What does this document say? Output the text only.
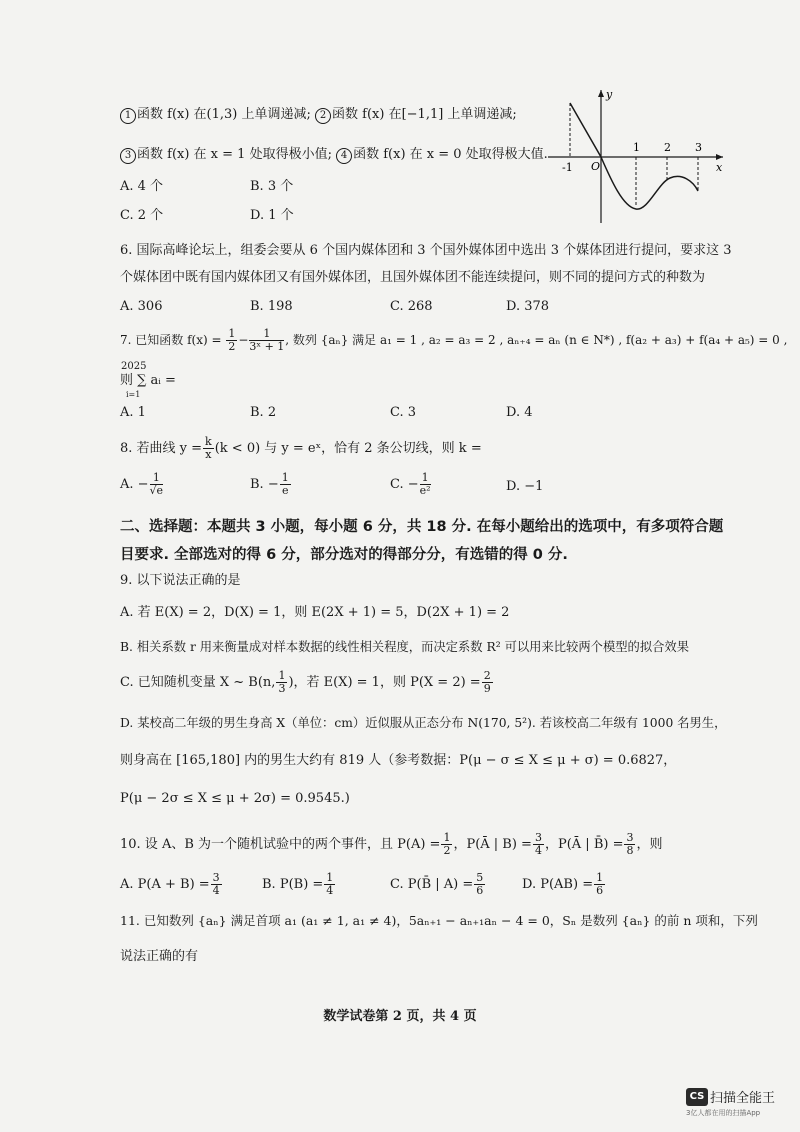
1 函数 f(x) 在(1,3) 上单调递减; 2 函数 f(x) 在[−1,1] 上单调递减;
3 函数 f(x) 在 x = 1 处取得极小值; 4 函数 f(x) 在 x = 0 处取得极大值.
A. 4 个	B. 3 个
C. 2 个	D. 1 个
y
x
-1 O
1 2 3
6. 国际高峰论坛上，组委会要从 6 个国内媒体团和 3 个国外媒体团中选出 3 个媒体团进行提问，要求这 3
个媒体团中既有国内媒体团又有国外媒体团，且国外媒体团不能连续提问，则不同的提问方式的种数为
A. 306	B. 198	C. 268	D. 378
7. 已知函数 $f(x) = \frac{1}{2} - \frac{1}{\text{3ˣ + 1}}$ , 数列 {aₙ} 满足 a₁ = 1 , a₂ = a₃ = 2 , aₙ₊₄ = aₙ (n ∈ N*) , f(a₂ + a₃) + f(a₄ + a₅) = 0 ,
2025
则 ∑ aᵢ =
i=1
A. 1	B. 2	C. 3	D. 4
8. 若曲线 $y = \frac{k}{x} (k < 0)$ 与 y = eˣ，恰有 2 条公切线，则 k =
A. − $\frac{1}{√e}$	B. − $\frac{1}{e}$	C. − $\frac{1}{\text{e²}}$	D. −1
二、选择题：本题共 3 小题，每小题 6 分，共 18 分. 在每小题给出的选项中，有多项符合题
目要求. 全部选对的得 6 分，部分选对的得部分分，有选错的得 0 分.
9. 以下说法正确的是
A. 若 E(X) = 2，D(X) = 1，则 E(2X + 1) = 5，D(2X + 1) = 2
B. 相关系数 r 用来衡量成对样本数据的线性相关程度，而决定系数 R² 可以用来比较两个模型的拟合效果
C. 已知随机变量 X ~ B(n, $\frac{1}{3}$ )，若 E(X) = 1，则 $P(X = 2) = \frac{2}{9}$
D. 某校高二年级的男生身高 X（单位：cm）近似服从正态分布 N(170, 5²). 若该校高二年级有 1000 名男生，
则身高在 [165,180] 内的男生大约有 819 人（参考数据：P(μ − σ ≤ X ≤ μ + σ) = 0.6827，
P(μ − 2σ ≤ X ≤ μ + 2σ) = 0.9545.)
10. 设 A、B 为一个随机试验中的两个事件，且 $P(A) = \frac{1}{2}$ ，P(Ā | $B) = \frac{3}{4}$ ，P(Ā | B̄) = $\frac{3}{8}$ ，则
A. $P(A + B) = \frac{3}{4}$	B. $P(B) = \frac{1}{4}$	C. P(B̄ | $A) = \frac{5}{6}$	D. $P(AB) = \frac{1}{6}$
11. 已知数列 {aₙ} 满足首项 a₁ (a₁ ≠ 1, a₁ ≠ 4)，5aₙ₊₁ − aₙ₊₁aₙ − 4 = 0，Sₙ 是数列 {aₙ} 的前 n 项和，下列
说法正确的有
数学试卷第 2 页，共 4 页
CS 扫描全能王
3亿人都在用的扫描App
